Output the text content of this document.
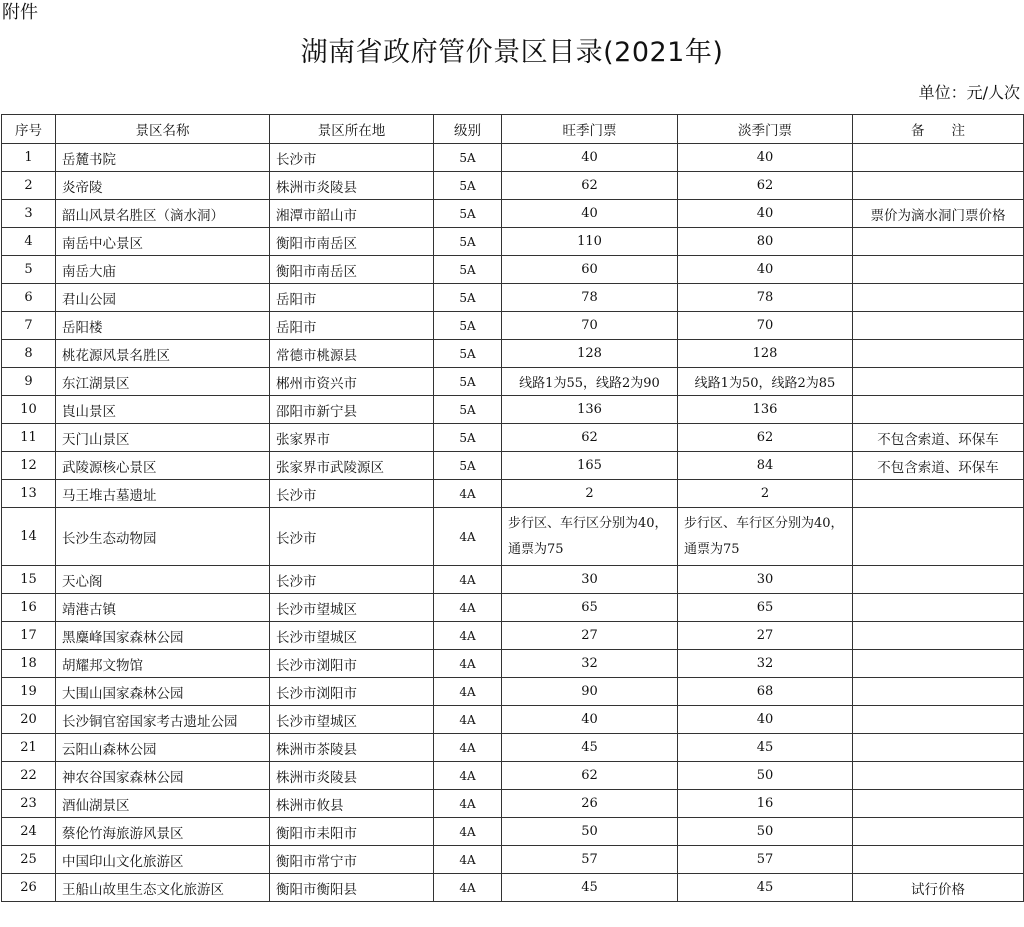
附件
湖南省政府管价景区目录(2021年)
单位：元/人次
序号	景区名称	景区所在地	级别	旺季门票	淡季门票	备　　注
1	岳麓书院	长沙市	5A	40	40	
2	炎帝陵	株洲市炎陵县	5A	62	62	
3	韶山风景名胜区（滴水洞）	湘潭市韶山市	5A	40	40	票价为滴水洞门票价格
4	南岳中心景区	衡阳市南岳区	5A	110	80	
5	南岳大庙	衡阳市南岳区	5A	60	40	
6	君山公园	岳阳市	5A	78	78	
7	岳阳楼	岳阳市	5A	70	70	
8	桃花源风景名胜区	常德市桃源县	5A	128	128	
9	东江湖景区	郴州市资兴市	5A	线路1为55，线路2为90	线路1为50，线路2为85	
10	崀山景区	邵阳市新宁县	5A	136	136	
11	天门山景区	张家界市	5A	62	62	不包含索道、环保车
12	武陵源核心景区	张家界市武陵源区	5A	165	84	不包含索道、环保车
13	马王堆古墓遗址	长沙市	4A	2	2	
14	长沙生态动物园	长沙市	4A	步行区、车行区分别为40，通票为75	步行区、车行区分别为40，通票为75	
15	天心阁	长沙市	4A	30	30	
16	靖港古镇	长沙市望城区	4A	65	65	
17	黑麋峰国家森林公园	长沙市望城区	4A	27	27	
18	胡耀邦文物馆	长沙市浏阳市	4A	32	32	
19	大围山国家森林公园	长沙市浏阳市	4A	90	68	
20	长沙铜官窑国家考古遗址公园	长沙市望城区	4A	40	40	
21	云阳山森林公园	株洲市茶陵县	4A	45	45	
22	神农谷国家森林公园	株洲市炎陵县	4A	62	50	
23	酒仙湖景区	株洲市攸县	4A	26	16	
24	蔡伦竹海旅游风景区	衡阳市耒阳市	4A	50	50	
25	中国印山文化旅游区	衡阳市常宁市	4A	57	57	
26	王船山故里生态文化旅游区	衡阳市衡阳县	4A	45	45	试行价格
